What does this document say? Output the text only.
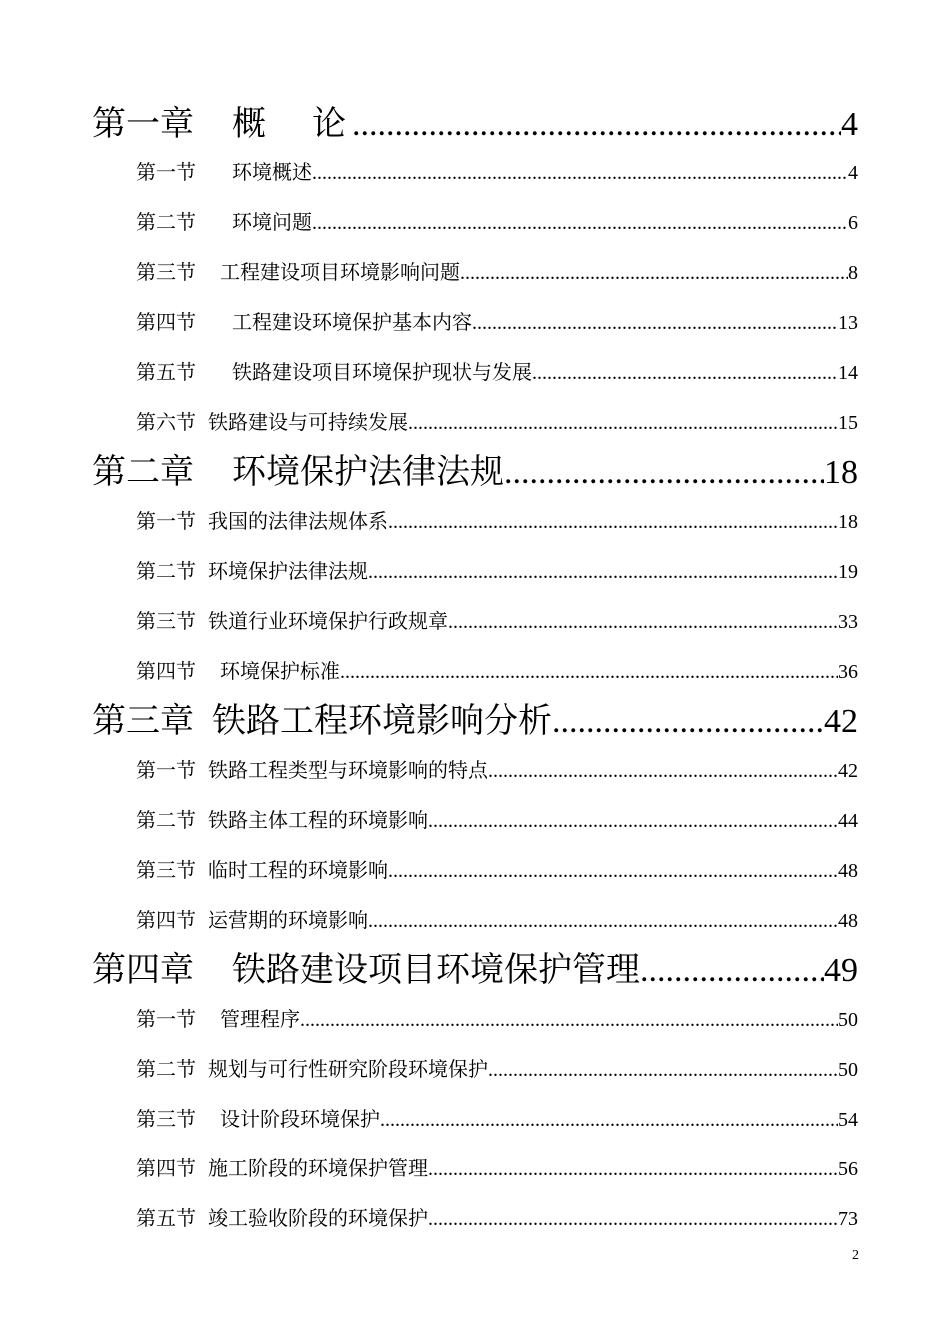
第一章 概　论 .....	4
第一节 环境概述 .....	4
第二节 环境问题 .....	6
第三节 工程建设项目环境影响问题 .....	8
第四节 工程建设环境保护基本内容 .....	13
第五节 铁路建设项目环境保护现状与发展 .....	14
第六节 铁路建设与可持续发展 .....	15
第二章 环境保护法律法规 .....	18
第一节 我国的法律法规体系 .....	18
第二节 环境保护法律法规 .....	19
第三节 铁道行业环境保护行政规章 .....	33
第四节 环境保护标准 .....	36
第三章 铁路工程环境影响分析 .....	42
第一节 铁路工程类型与环境影响的特点 .....	42
第二节 铁路主体工程的环境影响 .....	44
第三节 临时工程的环境影响 .....	48
第四节 运营期的环境影响 .....	48
第四章 铁路建设项目环境保护管理 .....	49
第一节 管理程序 .....	50
第二节 规划与可行性研究阶段环境保护 .....	50
第三节 设计阶段环境保护 .....	54
第四节 施工阶段的环境保护管理 .....	56
第五节 竣工验收阶段的环境保护 .....	73
2
